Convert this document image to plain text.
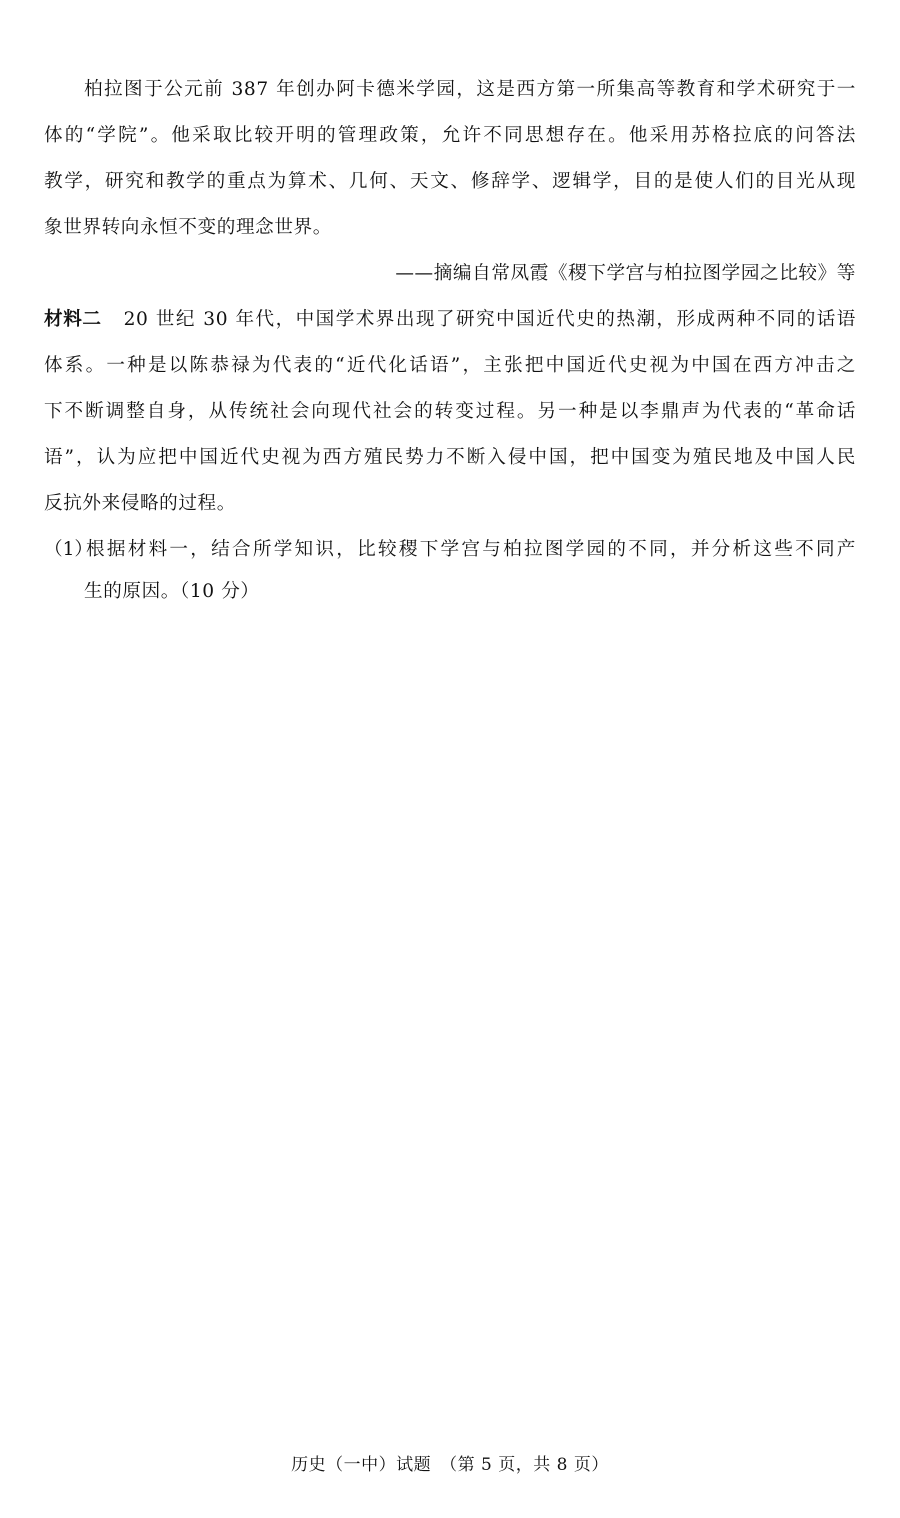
柏拉图于公元前 387 年创办阿卡德米学园，这是西方第一所集高等教育和学术研究于一
体的“学院”。他采取比较开明的管理政策，允许不同思想存在。他采用苏格拉底的问答法
教学，研究和教学的重点为算术、几何、天文、修辞学、逻辑学，目的是使人们的目光从现
象世界转向永恒不变的理念世界。
——摘编自常凤霞《稷下学宫与柏拉图学园之比较》等
材料二 20 世纪 30 年代，中国学术界出现了研究中国近代史的热潮，形成两种不同的话语
体系。一种是以陈恭禄为代表的“近代化话语”，主张把中国近代史视为中国在西方冲击之
下不断调整自身，从传统社会向现代社会的转变过程。另一种是以李鼎声为代表的“革命话
语”，认为应把中国近代史视为西方殖民势力不断入侵中国，把中国变为殖民地及中国人民
反抗外来侵略的过程。
（1）
根据材料一，结合所学知识，比较稷下学宫与柏拉图学园的不同，并分析这些不同产
生的原因。（10 分）
历史（一中）试题　（第 5 页，共 8 页）
